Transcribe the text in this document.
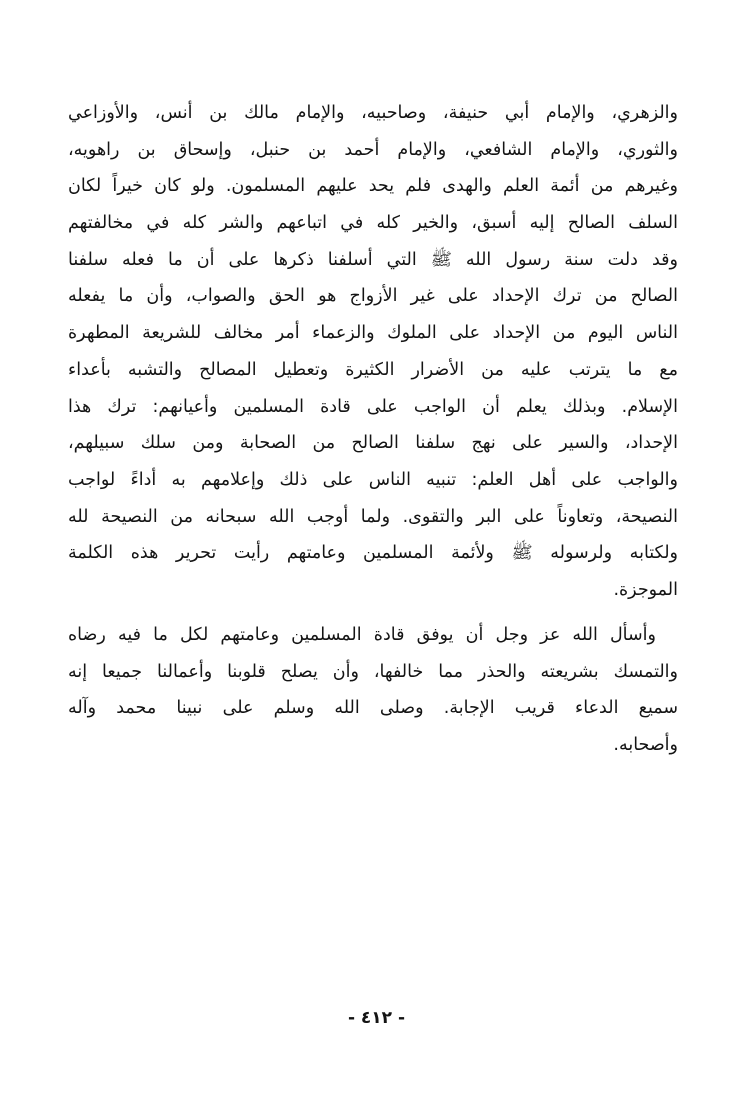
والزهري، والإمام أبي حنيفة، وصاحبيه، والإمام مالك بن أنس، والأوزاعي
والثوري، والإمام الشافعي، والإمام أحمد بن حنبل، وإسحاق بن راهويه،
وغيرهم من أئمة العلم والهدى فلم يحد عليهم المسلمون. ولو كان خيراً لكان
السلف الصالح إليه أسبق، والخير كله في اتباعهم والشر كله في مخالفتهم
وقد دلت سنة رسول الله ﷺ التي أسلفنا ذكرها على أن ما فعله سلفنا
الصالح من ترك الإحداد على غير الأزواج هو الحق والصواب، وأن ما يفعله
الناس اليوم من الإحداد على الملوك والزعماء أمر مخالف للشريعة المطهرة
مع ما يترتب عليه من الأضرار الكثيرة وتعطيل المصالح والتشبه بأعداء
الإسلام. وبذلك يعلم أن الواجب على قادة المسلمين وأعيانهم: ترك هذا
الإحداد، والسير على نهج سلفنا الصالح من الصحابة ومن سلك سبيلهم،
والواجب على أهل العلم: تنبيه الناس على ذلك وإعلامهم به أداءً لواجب
النصيحة، وتعاوناً على البر والتقوى. ولما أوجب الله سبحانه من النصيحة لله
ولكتابه ولرسوله ﷺ ولأئمة المسلمين وعامتهم رأيت تحرير هذه الكلمة
الموجزة.
وأسأل الله عز وجل أن يوفق قادة المسلمين وعامتهم لكل ما فيه رضاه
والتمسك بشريعته والحذر مما خالفها، وأن يصلح قلوبنا وأعمالنا جميعا إنه
سميع الدعاء قريب الإجابة. وصلى الله وسلم على نبينا محمد وآله
وأصحابه.
- ٤١٢ -
